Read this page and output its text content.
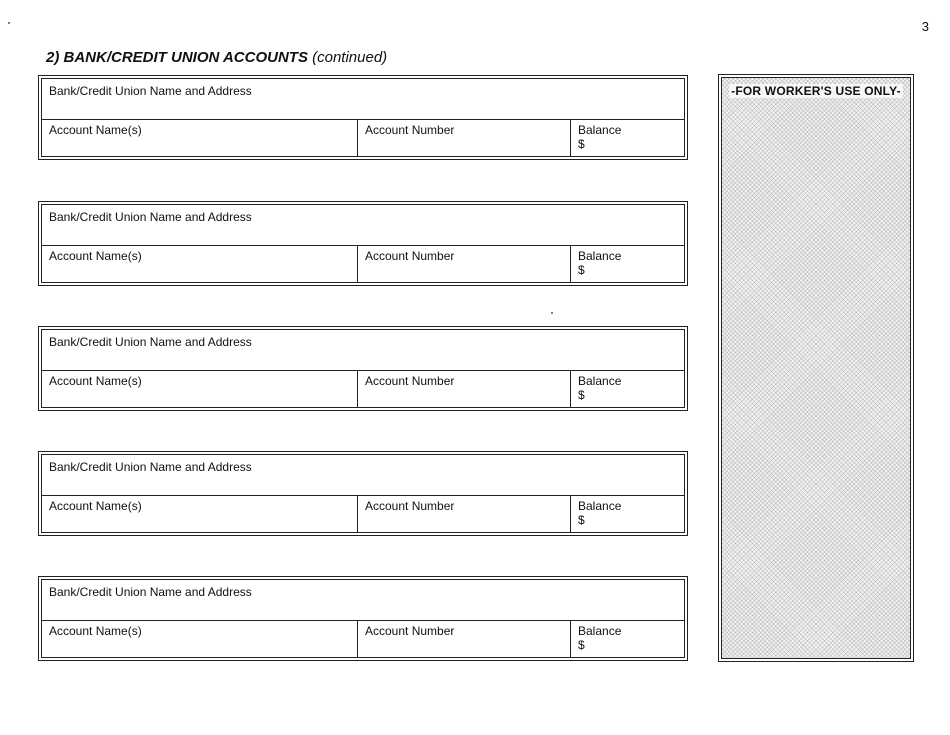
3
2) BANK/CREDIT UNION ACCOUNTS (continued)
Bank/Credit Union Name and Address
Account Name(s)	Account Number	Balance
$
Bank/Credit Union Name and Address
Account Name(s)	Account Number	Balance
$
Bank/Credit Union Name and Address
Account Name(s)	Account Number	Balance
$
Bank/Credit Union Name and Address
Account Name(s)	Account Number	Balance
$
Bank/Credit Union Name and Address
Account Name(s)	Account Number	Balance
$
-FOR WORKER'S USE ONLY-
